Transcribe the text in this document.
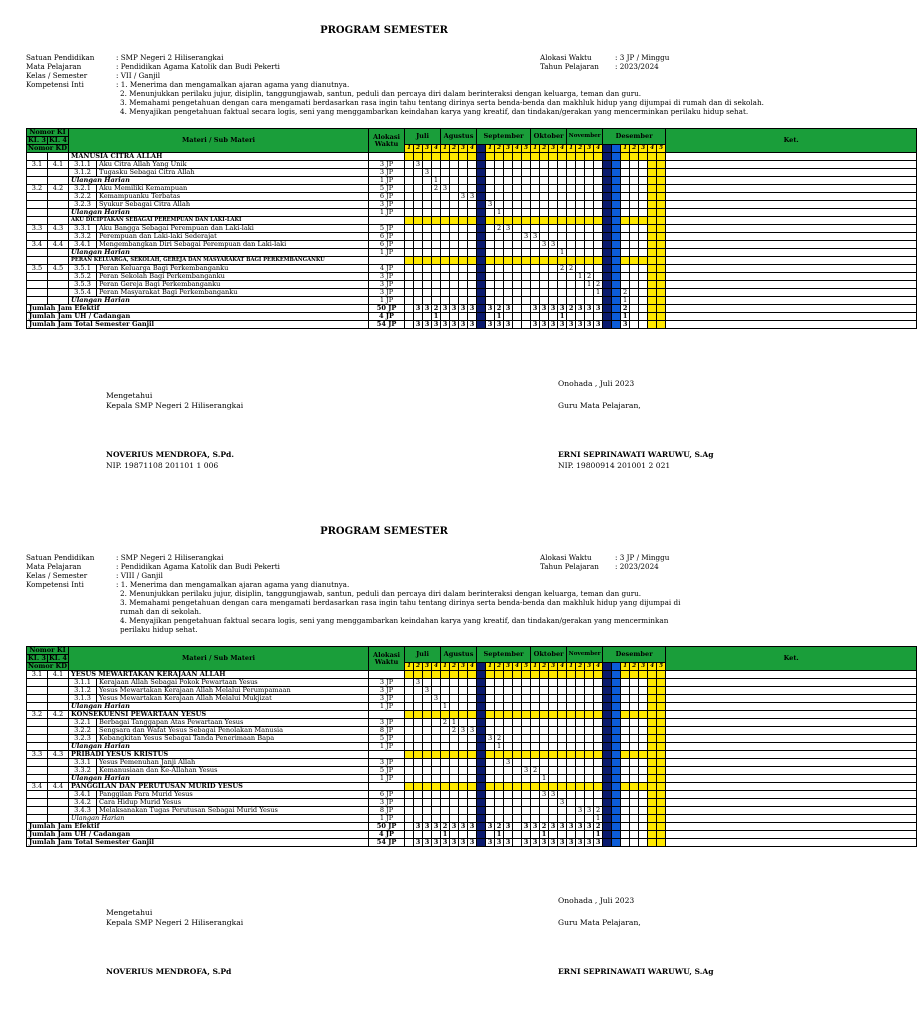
PROGRAM SEMESTER
Satuan Pendidikan	: SMP Negeri 2 Hiliserangkai
Mata Pelajaran	: Pendidikan Agama Katolik dan Budi Pekerti
Kelas / Semester	: VII / Ganjil
Kompetensi Inti	: 1. Menerima dan mengamalkan ajaran agama yang dianutnya.
2. Menunjukkan perilaku jujur, disiplin, tanggungjawab, santun, peduli dan percaya diri dalam berinteraksi dengan keluarga, teman dan guru.
3. Memahami pengetahuan dengan cara mengamati berdasarkan rasa ingin tahu tentang dirinya serta benda-benda dan makhluk hidup yang dijumpai di rumah dan di sekolah.
4. Menyajikan pengetahuan faktual secara logis, seni yang menggambarkan keindahan karya yang kreatif, dan tindakan/gerakan yang mencerminkan perilaku hidup sehat.
Alokasi Waktu	: 3 JP / Minggu
Tahun Pelajaran : 2023/2024
Nomor KI		Materi / Sub Materi		Alokasi Waktu	Juli				Agustus				September						Oktober				November				Desember							Ket.
KI. 3	KI. 4																																	
Nomor KD					1	2	3	4	1	2	3	4		1	2	3	4	5	1	2	3	4	1	2	3	4			1	2	3	4	5	
		MANUSIA CITRA ALLAH																																
3.1	4.1	3.1.1	Aku Citra Allah Yang Unik	3 JP		3																												
		3.1.2	Tugasku Sebagai Citra Allah	3 JP			3																											
		Ulangan Harian		1 JP				1																										
3.2	4.2	3.2.1	Aku Memiliki Kemampuan	5 JP				2	3																									
		3.2.2	Kemampuanku Terbatas	6 JP							3	3																						
		3.2.3	Syukur Sebagai Citra Allah	3 JP										3																				
		Ulangan Harian		1 JP											1																			
		AKU DICIPTAKAN SEBAGAI PEREMPUAN DAN LAKI-LAKI																																
3.3	4.3	3.3.1	Aku Bangga Sebagai Perempuan dan Laki-laki	5 JP											2	3																		
		3.3.2	Perempuan dan Laki-laki Sederajat	6 JP														3	3															
3.4	4.4	3.4.1	Mengembangkan Diri Sebagai Perempuan dan Laki-laki	6 JP																3	3													
		Ulangan Harian		1 JP																		1												
		PERAN KELUARGA, SEKOLAH, GEREJA DAN MASYARAKAT BAGI PERKEMBANGANKU																																
3.5	4.5	3.5.1	Peran Keluarga Bagi Perkembanganku	4 JP																		2	2											
		3.5.2	Peran Sekolah Bagi Perkembanganku	3 JP																				1	2									
		3.5.3	Peran Gereja Bagi Perkembanganku	3 JP																					1	2								
		3.5.4	Peran Masyarakat Bagi Perkembanganku	3 JP																						1			2					
		Ulangan Harian		1 JP																									1					
Jumlah Jam Efektif				50 JP		3	3	2	3	3	3	3		3	2	3			3	3	3	3	2	3	3	3			2					
Jumlah Jam UH / Cadangan				4 JP				1							1							1							1					
Jumlah Jam Total Semester Ganjil				54 JP		3	3	3	3	3	3	3		3	3	3			3	3	3	3	3	3	3	3			3					
Onohada , Juli 2023
Mengetahui
Kepala SMP Negeri 2 Hiliserangkai	Guru Mata Pelajaran,
NOVERIUS MENDROFA, S.Pd.
NIP. 19871108 201101 1 006
ERNI SEPRINAWATI WARUWU, S.Ag
NIP. 19800914 201001 2 021
PROGRAM SEMESTER
Satuan Pendidikan	: SMP Negeri 2 Hiliserangkai
Mata Pelajaran	: Pendidikan Agama Katolik dan Budi Pekerti
Kelas / Semester	: VIII / Ganjil
Kompetensi Inti	: 1. Menerima dan mengamalkan ajaran agama yang dianutnya.
2. Menunjukkan perilaku jujur, disiplin, tanggungjawab, santun, peduli dan percaya diri dalam berinteraksi dengan keluarga, teman dan guru.
3. Memahami pengetahuan dengan cara mengamati berdasarkan rasa ingin tahu tentang dirinya serta benda-benda dan makhluk hidup yang dijumpai di
rumah dan di sekolah.
4. Menyajikan pengetahuan faktual secara logis, seni yang menggambarkan keindahan karya yang kreatif, dan tindakan/gerakan yang mencerminkan
perilaku hidup sehat.
Alokasi Waktu	: 3 JP / Minggu
Tahun Pelajaran : 2023/2024
Nomor KI		Materi / Sub Materi		Alokasi Waktu	Juli				Agustus				September						Oktober				November				Desember							Ket.
KI. 3	KI. 4																																	
Nomor KD					1	2	3	4	1	2	3	4		1	2	3	4	5	1	2	3	4	1	2	3	4			1	2	3	4	5	
3.1	4.1	YESUS MEWARTAKAN KERAJAAN ALLAH																																
		3.1.1	Kerajaan Allah Sebagai Pokok Pewartaan Yesus	3 JP		3																												
		3.1.2	Yesus Mewartakan Kerajaan Allah Melalui Perumpamaan	3 JP			3																											
		3.1.3	Yesus Mewartakan Kerajaan Allah Melalui Mukjizat	3 JP				3																										
		Ulangan Harian		1 JP					1																									
3.2	4.2	KONSEKUENSI PEWARTAAN YESUS																																
		3.2.1	Berbagai Tanggapan Atas Pewartaan Yesus	3 JP					2	1																								
		3.2.2	Sengsara dan Wafat Yesus Sebagai Penolakan Manusia	8 JP						2	3	3																						
		3.2.3	Kebangkitan Yesus Sebagai Tanda Penerimaan Bapa	5 JP										3	2																			
		Ulangan Harian		1 JP											1																			
3.3	4.3	PRIBADI YESUS KRISTUS																																
		3.3.1	Yesus Pemenuhan Janji Allah	3 JP												3																		
		3.3.2	Kemanusiaan dan Ke-Allahan Yesus	5 JP														3	2															
		Ulangan Harian		1 JP																1														
3.4	4.4	PANGGILAN DAN PERUTUSAN MURID YESUS																																
		3.4.1	Panggilan Para Murid Yesus	6 JP																3	3													
		3.4.2	Cara Hidup Murid Yesus	3 JP																		3												
		3.4.3	Melaksanakan Tugas Perutusan Sebagai Murid Yesus	8 JP																				3	3	2								
		Ulangan Harian		1 JP																						1								
Jumlah Jam Efektif				50 JP		3	3	3	2	3	3	3		3	2	3		3	3	2	3	3	3	3	3	2								
Jumlah Jam UH / Cadangan				4 JP					1						1					1						1								
Jumlah Jam Total Semester Ganjil				54 JP		3	3	3	3	3	3	3		3	3	3		3	3	3	3	3	3	3	3	3								
Onohada , Juli 2023
Mengetahui
Kepala SMP Negeri 2 Hiliserangkai	Guru Mata Pelajaran,
NOVERIUS MENDROFA, S.Pd	ERNI SEPRINAWATI WARUWU, S.Ag
